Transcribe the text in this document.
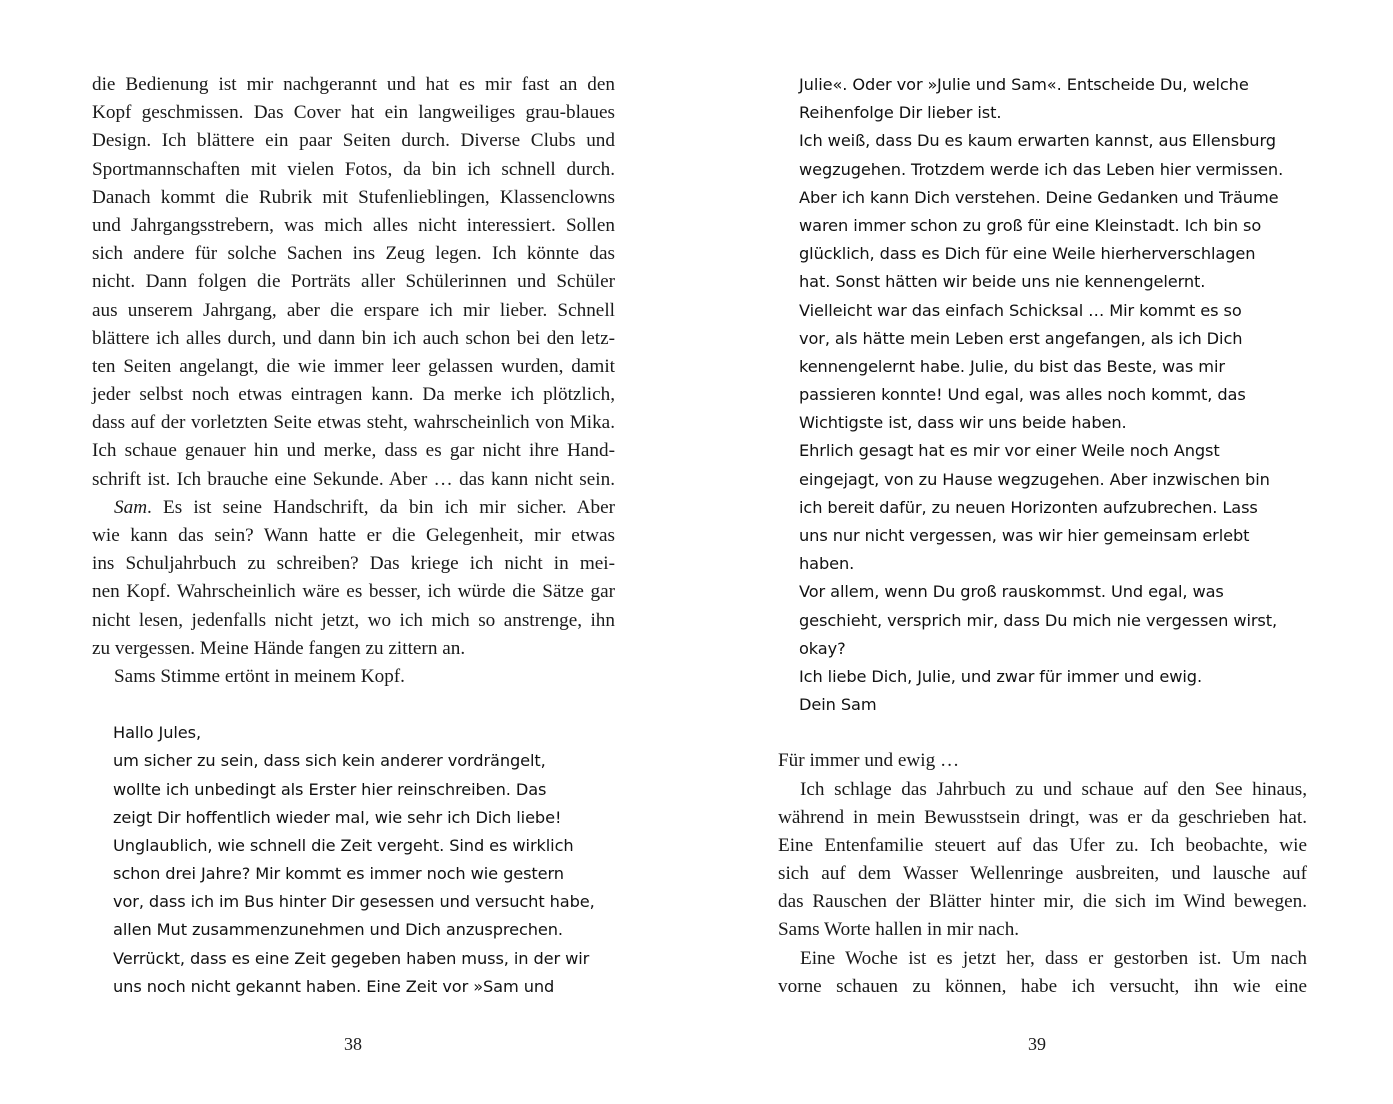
die Bedienung ist mir nachgerannt und hat es mir fast an den
Kopf geschmissen. Das Cover hat ein langweiliges grau-blaues
Design. Ich blättere ein paar Seiten durch. Diverse Clubs und
Sportmannschaften mit vielen Fotos, da bin ich schnell durch.
Danach kommt die Rubrik mit Stufenlieblingen, Klassenclowns
und Jahrgangsstrebern, was mich alles nicht interessiert. Sollen
sich andere für solche Sachen ins Zeug legen. Ich könnte das
nicht. Dann folgen die Porträts aller Schülerinnen und Schüler
aus unserem Jahrgang, aber die erspare ich mir lieber. Schnell
blättere ich alles durch, und dann bin ich auch schon bei den letz-
ten Seiten angelangt, die wie immer leer gelassen wurden, damit
jeder selbst noch etwas eintragen kann. Da merke ich plötzlich,
dass auf der vorletzten Seite etwas steht, wahrscheinlich von Mika.
Ich schaue genauer hin und merke, dass es gar nicht ihre Hand-
schrift ist. Ich brauche eine Sekunde. Aber … das kann nicht sein.
Sam. Es ist seine Handschrift, da bin ich mir sicher. Aber
wie kann das sein? Wann hatte er die Gelegenheit, mir etwas
ins Schuljahrbuch zu schreiben? Das kriege ich nicht in mei-
nen Kopf. Wahrscheinlich wäre es besser, ich würde die Sätze gar
nicht lesen, jedenfalls nicht jetzt, wo ich mich so anstrenge, ihn
zu vergessen. Meine Hände fangen zu zittern an.
Sams Stimme ertönt in meinem Kopf.
Hallo Jules,
um sicher zu sein, dass sich kein anderer vordrängelt,
wollte ich unbedingt als Erster hier reinschreiben. Das
zeigt Dir hoffentlich wieder mal, wie sehr ich Dich liebe!
Unglaublich, wie schnell die Zeit vergeht. Sind es wirklich
schon drei Jahre? Mir kommt es immer noch wie gestern
vor, dass ich im Bus hinter Dir gesessen und versucht habe,
allen Mut zusammenzunehmen und Dich anzusprechen.
Verrückt, dass es eine Zeit gegeben haben muss, in der wir
uns noch nicht gekannt haben. Eine Zeit vor »Sam und
38
Julie«. Oder vor »Julie und Sam«. Entscheide Du, welche
Reihenfolge Dir lieber ist.
Ich weiß, dass Du es kaum erwarten kannst, aus Ellensburg
wegzugehen. Trotzdem werde ich das Leben hier vermissen.
Aber ich kann Dich verstehen. Deine Gedanken und Träume
waren immer schon zu groß für eine Kleinstadt. Ich bin so
glücklich, dass es Dich für eine Weile hierherverschlagen
hat. Sonst hätten wir beide uns nie kennengelernt.
Vielleicht war das einfach Schicksal … Mir kommt es so
vor, als hätte mein Leben erst angefangen, als ich Dich
kennengelernt habe. Julie, du bist das Beste, was mir
passieren konnte! Und egal, was alles noch kommt, das
Wichtigste ist, dass wir uns beide haben.
Ehrlich gesagt hat es mir vor einer Weile noch Angst
eingejagt, von zu Hause wegzugehen. Aber inzwischen bin
ich bereit dafür, zu neuen Horizonten aufzubrechen. Lass
uns nur nicht vergessen, was wir hier gemeinsam erlebt
haben.
Vor allem, wenn Du groß rauskommst. Und egal, was
geschieht, versprich mir, dass Du mich nie vergessen wirst,
okay?
Ich liebe Dich, Julie, und zwar für immer und ewig.
Dein Sam
Für immer und ewig …
Ich schlage das Jahrbuch zu und schaue auf den See hinaus,
während in mein Bewusstsein dringt, was er da geschrieben hat.
Eine Entenfamilie steuert auf das Ufer zu. Ich beobachte, wie
sich auf dem Wasser Wellenringe ausbreiten, und lausche auf
das Rauschen der Blätter hinter mir, die sich im Wind bewegen.
Sams Worte hallen in mir nach.
Eine Woche ist es jetzt her, dass er gestorben ist. Um nach
vorne schauen zu können, habe ich versucht, ihn wie eine
39
